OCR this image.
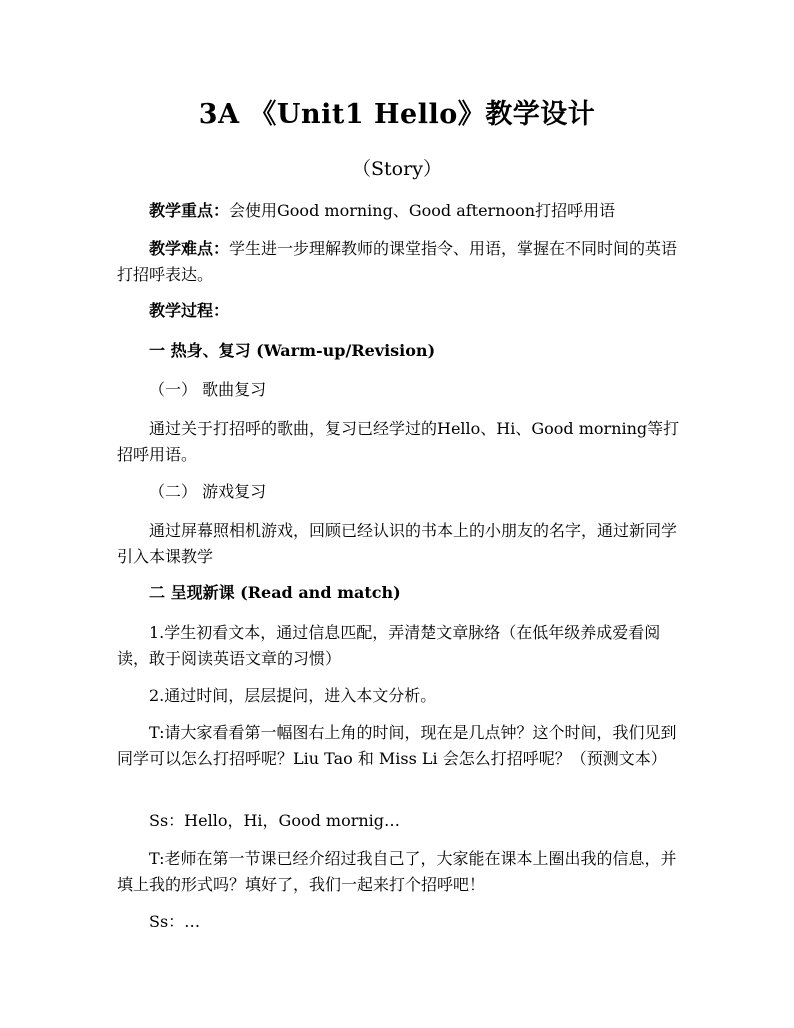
3A 《Unit1 Hello》教学设计
（Story）
教学重点：会使用Good morning、Good afternoon打招呼用语
教学难点：学生进一步理解教师的课堂指令、用语，掌握在不同时间的英语打招呼表达。
教学过程：
一 热身、复习 (Warm-up/Revision)
（一） 歌曲复习
通过关于打招呼的歌曲，复习已经学过的Hello、Hi、Good morning等打招呼用语。
（二） 游戏复习
通过屏幕照相机游戏，回顾已经认识的书本上的小朋友的名字，通过新同学引入本课教学
二 呈现新课 (Read and match)
1.学生初看文本，通过信息匹配，弄清楚文章脉络（在低年级养成爱看阅读，敢于阅读英语文章的习惯）
2.通过时间，层层提问，进入本文分析。
T:请大家看看第一幅图右上角的时间，现在是几点钟？这个时间，我们见到同学可以怎么打招呼呢？Liu Tao 和 Miss Li 会怎么打招呼呢？（预测文本）
Ss：Hello，Hi，Good mornig…
T:老师在第一节课已经介绍过我自己了，大家能在课本上圈出我的信息，并填上我的形式吗？填好了，我们一起来打个招呼吧！
Ss：…
